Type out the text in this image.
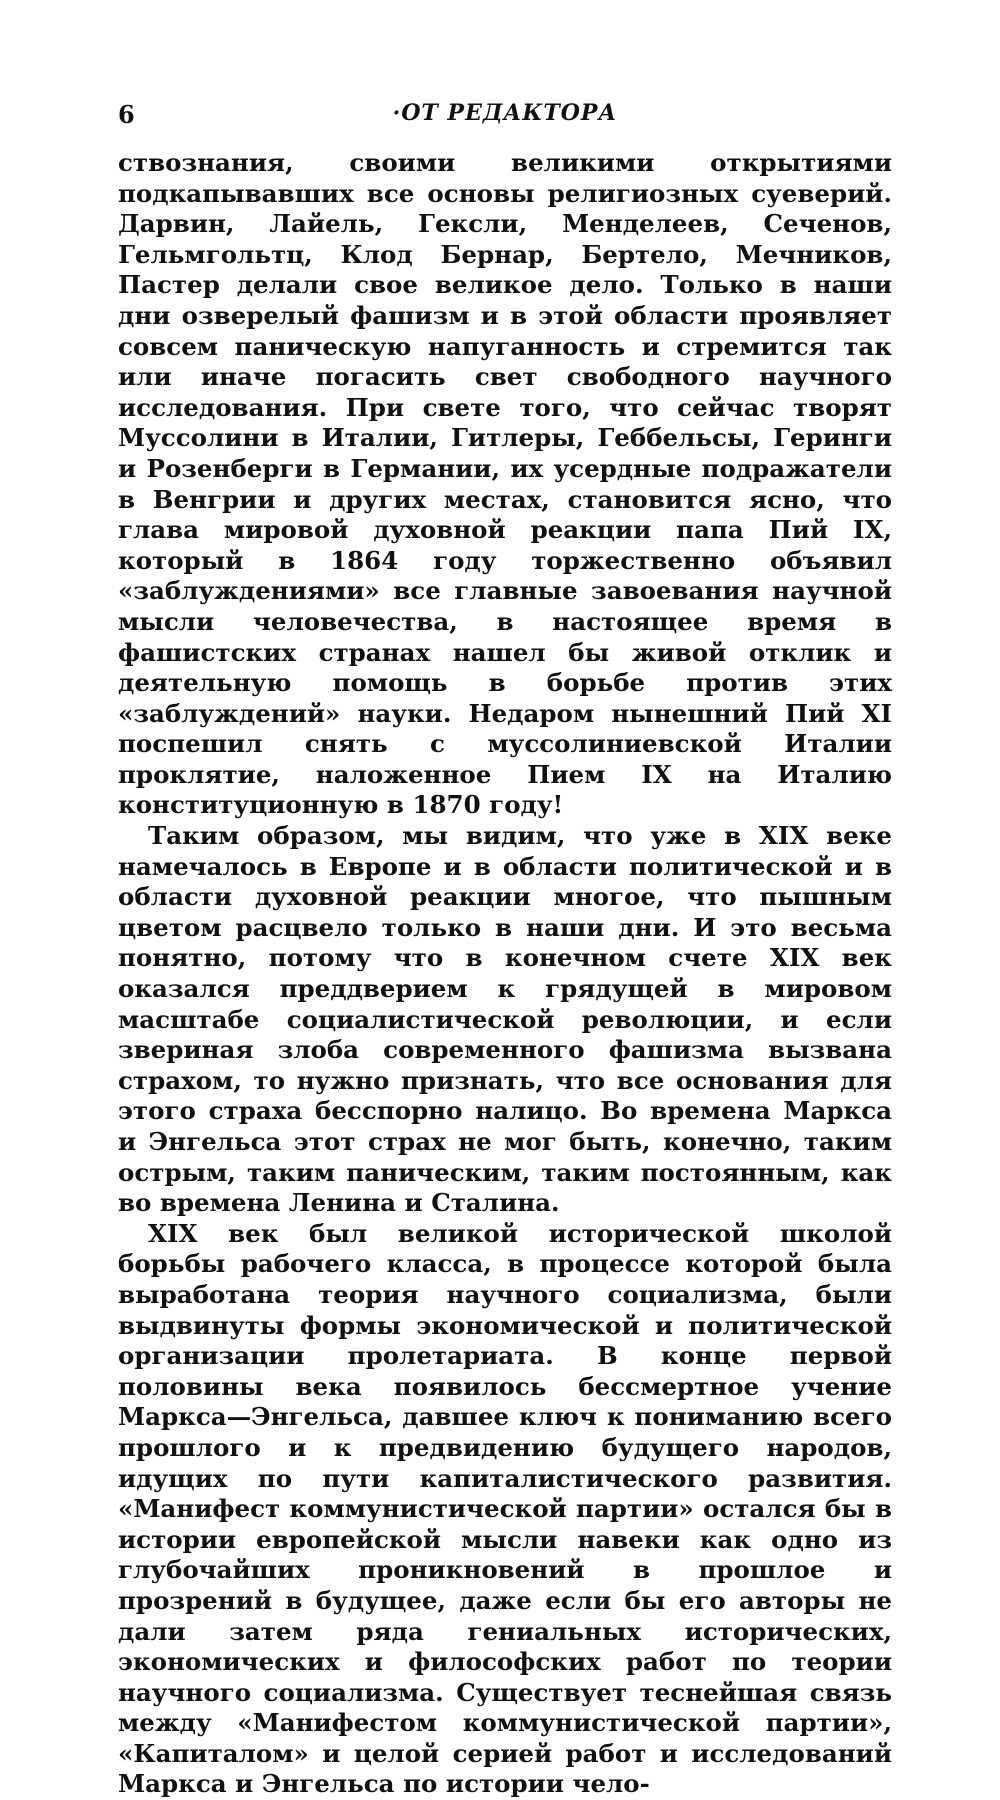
6	·ОТ РЕДАКТОРА

ствознания, своими великими открытиями подкапывавших все основы религиозных суеверий. Дарвин, Лайель, Гексли, Менделеев, Сеченов, Гельмгольтц, Клод Бернар, Бертело, Мечников, Пастер делали свое великое дело. Только в наши дни озверелый фашизм и в этой области проявляет совсем паническую напуганность и стремится так или иначе погасить свет свободного научного исследования. При свете того, что сейчас творят Муссолини в Италии, Гитлеры, Геббельсы, Геринги и Розенберги в Германии, их усердные подражатели в Венгрии и других местах, становится ясно, что глава мировой духовной реакции папа Пий IX, который в 1864 году торжественно объявил «заблуждениями» все главные завоевания научной мысли человечества, в настоящее время в фашистских странах нашел бы живой отклик и деятельную помощь в борьбе против этих «заблуждений» науки. Недаром нынешний Пий XI поспешил снять с муссолиниевской Италии проклятие, наложенное Пием IX на Италию конституционную в 1870 году!

Таким образом, мы видим, что уже в XIX веке намечалось в Европе и в области политической и в области духовной реакции многое, что пышным цветом расцвело только в наши дни. И это весьма понятно, потому что в конечном счете XIX век оказался преддверием к грядущей в мировом масштабе социалистической революции, и если звериная злоба современного фашизма вызвана страхом, то нужно признать, что все основания для этого страха бесспорно налицо. Во времена Маркса и Энгельса этот страх не мог быть, конечно, таким острым, таким паническим, таким постоянным, как во времена Ленина и Сталина.

XIX век был великой исторической школой борьбы рабочего класса, в процессе которой была выработана теория научного социализма, были выдвинуты формы экономической и политической организации пролетариата. В конце первой половины века появилось бессмертное учение Маркса—Энгельса, давшее ключ к пониманию всего прошлого и к предвидению будущего народов, идущих по пути капиталистического развития. «Манифест коммунистической партии» остался бы в истории европейской мысли навеки как одно из глубочайших проникновений в прошлое и прозрений в будущее, даже если бы его авторы не дали затем ряда гениальных исторических, экономических и философских работ по теории научного социализма. Существует теснейшая связь между «Манифестом коммунистической партии», «Капиталом» и целой серией работ и исследований Маркса и Энгельса по истории чело-
